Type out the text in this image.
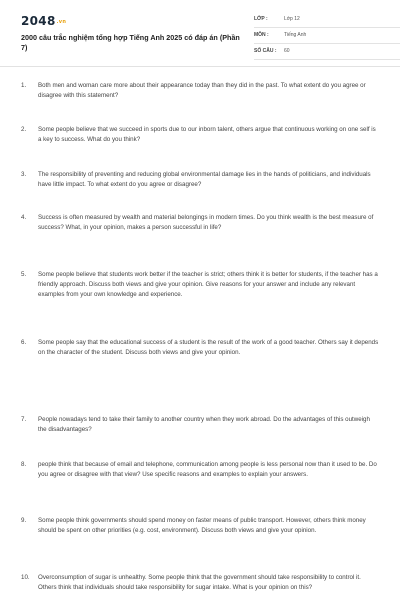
2048.vn
2000 câu trắc nghiệm tổng hợp Tiếng Anh 2025 có đáp án (Phần 7)
LỚP :	Lớp 12
MÔN :	Tiếng Anh
SỐ CÂU : 60
1.	Both men and woman care more about their appearance today than they did in the past. To what extent do you agree or disagree with this statement?
2.	Some people believe that we succeed in sports due to our inborn talent, others argue that continuous working on one self is a key to success. What do you think?
3.	The responsibility of preventing and reducing global environmental damage lies in the hands of politicians, and individuals have little impact. To what extent do you agree or disagree?
4.	Success is often measured by wealth and material belongings in modern times. Do you think wealth is the best measure of success? What, in your opinion, makes a person successful in life?
5.	Some people believe that students work better if the teacher is strict; others think it is better for students, if the teacher has a friendly approach. Discuss both views and give your opinion. Give reasons for your answer and include any relevant examples from your own knowledge and experience.
6.	Some people say that the educational success of a student is the result of the work of a good teacher. Others say it depends on the character of the student. Discuss both views and give your opinion.
7.	People nowadays tend to take their family to another country when they work abroad. Do the advantages of this outweigh the disadvantages?
8.	people think that because of email and telephone, communication among people is less personal now than it used to be. Do you agree or disagree with that view? Use specific reasons and examples to explain your answers.
9.	Some people think governments should spend money on faster means of public transport. However, others think money should be spent on other priorities (e.g. cost, environment). Discuss both views and give your opinion.
10.	Overconsumption of sugar is unhealthy. Some people think that the government should take responsibility to control it. Others think that individuals should take responsibility for sugar intake. What is your opinion on this?
